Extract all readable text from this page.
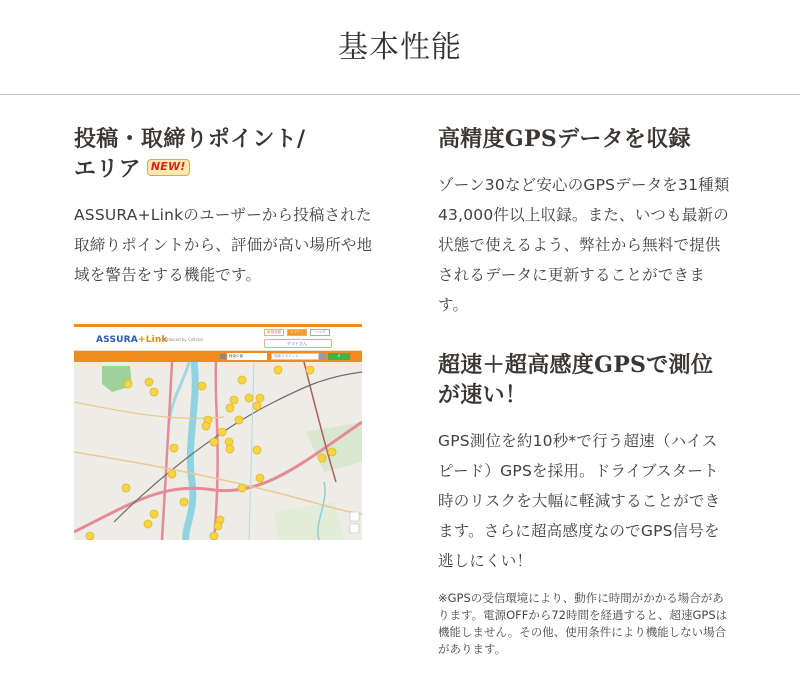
基本性能
投稿・取締りポイント/
エリア NEW!

ASSURA+Linkのユーザーから投稿された取締りポイントから、評価が高い場所や地域を警告をする機能です。

ASSURA+Link
Produced by Cellstar
新規登録	ログイン	ヘルプ
ゲストさん
検索の値	取締りポイント	⌕
高精度GPSデータを収録

ゾーン30など安心のGPSデータを31種類43,000件以上収録。また、いつも最新の状態で使えるよう、弊社から無料で提供されるデータに更新することができます。

超速＋超高感度GPSで測位が速い！

GPS測位を約10秒*で行う超速（ハイスピード）GPSを採用。ドライブスタート時のリスクを大幅に軽減することができます。さらに超高感度なのでGPS信号を逃しにくい！

※GPSの受信環境により、動作に時間がかかる場合があります。電源OFFから72時間を経過すると、超速GPSは機能しません。その他、使用条件により機能しない場合があります。
